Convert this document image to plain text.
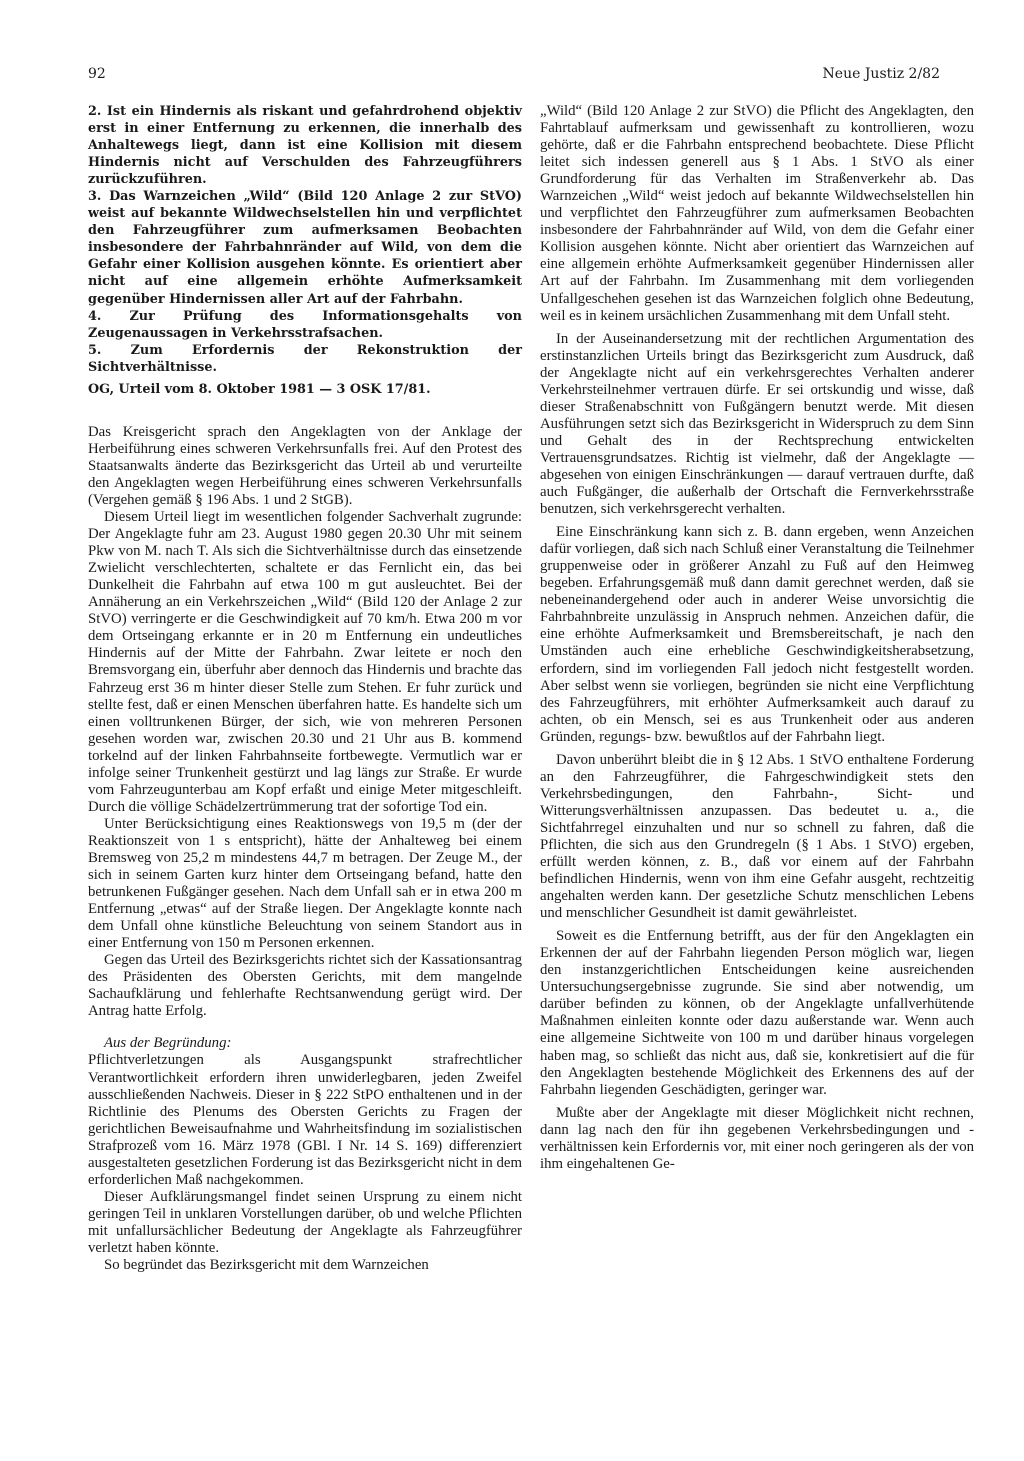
92	Neue Justiz 2/82

2. Ist ein Hindernis als riskant und gefahrdrohend objektiv erst in einer Entfernung zu erkennen, die innerhalb des Anhaltewegs liegt, dann ist eine Kollision mit diesem Hindernis nicht auf Verschulden des Fahrzeugführers zurückzuführen.

3. Das Warnzeichen „Wild“ (Bild 120 Anlage 2 zur StVO) weist auf bekannte Wildwechselstellen hin und verpflichtet den Fahrzeugführer zum aufmerksamen Beobachten insbesondere der Fahrbahnränder auf Wild, von dem die Gefahr einer Kollision ausgehen könnte. Es orientiert aber nicht auf eine allgemein erhöhte Aufmerksamkeit gegenüber Hindernissen aller Art auf der Fahrbahn.

4. Zur Prüfung des Informationsgehalts von Zeugenaussagen in Verkehrsstrafsachen.

5. Zum Erfordernis der Rekonstruktion der Sichtverhältnisse.

OG, Urteil vom 8. Oktober 1981 — 3 OSK 17/81.

Das Kreisgericht sprach den Angeklagten von der Anklage der Herbeiführung eines schweren Verkehrsunfalls frei. Auf den Protest des Staatsanwalts änderte das Bezirksgericht das Urteil ab und verurteilte den Angeklagten wegen Herbeiführung eines schweren Verkehrsunfalls (Vergehen gemäß § 196 Abs. 1 und 2 StGB).

Diesem Urteil liegt im wesentlichen folgender Sachverhalt zugrunde: Der Angeklagte fuhr am 23. August 1980 gegen 20.30 Uhr mit seinem Pkw von M. nach T. Als sich die Sichtverhältnisse durch das einsetzende Zwielicht verschlechterten, schaltete er das Fernlicht ein, das bei Dunkelheit die Fahrbahn auf etwa 100 m gut ausleuchtet. Bei der Annäherung an ein Verkehrszeichen „Wild“ (Bild 120 der Anlage 2 zur StVO) verringerte er die Geschwindigkeit auf 70 km/h. Etwa 200 m vor dem Ortseingang erkannte er in 20 m Entfernung ein undeutliches Hindernis auf der Mitte der Fahrbahn. Zwar leitete er noch den Bremsvorgang ein, überfuhr aber dennoch das Hindernis und brachte das Fahrzeug erst 36 m hinter dieser Stelle zum Stehen. Er fuhr zurück und stellte fest, daß er einen Menschen überfahren hatte. Es handelte sich um einen volltrunkenen Bürger, der sich, wie von mehreren Personen gesehen worden war, zwischen 20.30 und 21 Uhr aus B. kommend torkelnd auf der linken Fahrbahnseite fortbewegte. Vermutlich war er infolge seiner Trunkenheit gestürzt und lag längs zur Straße. Er wurde vom Fahrzeugunterbau am Kopf erfaßt und einige Meter mitgeschleift. Durch die völlige Schädelzertrümmerung trat der sofortige Tod ein.

Unter Berücksichtigung eines Reaktionswegs von 19,5 m (der der Reaktionszeit von 1 s entspricht), hätte der Anhalteweg bei einem Bremsweg von 25,2 m mindestens 44,7 m betragen. Der Zeuge M., der sich in seinem Garten kurz hinter dem Ortseingang befand, hatte den betrunkenen Fußgänger gesehen. Nach dem Unfall sah er in etwa 200 m Entfernung „etwas“ auf der Straße liegen. Der Angeklagte konnte nach dem Unfall ohne künstliche Beleuchtung von seinem Standort aus in einer Entfernung von 150 m Personen erkennen.

Gegen das Urteil des Bezirksgerichts richtet sich der Kassationsantrag des Präsidenten des Obersten Gerichts, mit dem mangelnde Sachaufklärung und fehlerhafte Rechtsanwendung gerügt wird. Der Antrag hatte Erfolg.

Aus der Begründung:

Pflichtverletzungen als Ausgangspunkt strafrechtlicher Verantwortlichkeit erfordern ihren unwiderlegbaren, jeden Zweifel ausschließenden Nachweis. Dieser in § 222 StPO enthaltenen und in der Richtlinie des Plenums des Obersten Gerichts zu Fragen der gerichtlichen Beweisaufnahme und Wahrheitsfindung im sozialistischen Strafprozeß vom 16. März 1978 (GBl. I Nr. 14 S. 169) differenziert ausgestalteten gesetzlichen Forderung ist das Bezirksgericht nicht in dem erforderlichen Maß nachgekommen.

Dieser Aufklärungsmangel findet seinen Ursprung zu einem nicht geringen Teil in unklaren Vorstellungen darüber, ob und welche Pflichten mit unfallursächlicher Bedeutung der Angeklagte als Fahrzeugführer verletzt haben könnte.

So begründet das Bezirksgericht mit dem Warnzeichen

„Wild“ (Bild 120 Anlage 2 zur StVO) die Pflicht des Angeklagten, den Fahrtablauf aufmerksam und gewissenhaft zu kontrollieren, wozu gehörte, daß er die Fahrbahn entsprechend beobachtete. Diese Pflicht leitet sich indessen generell aus § 1 Abs. 1 StVO als einer Grundforderung für das Verhalten im Straßenverkehr ab. Das Warnzeichen „Wild“ weist jedoch auf bekannte Wildwechselstellen hin und verpflichtet den Fahrzeugführer zum aufmerksamen Beobachten insbesondere der Fahrbahnränder auf Wild, von dem die Gefahr einer Kollision ausgehen könnte. Nicht aber orientiert das Warnzeichen auf eine allgemein erhöhte Aufmerksamkeit gegenüber Hindernissen aller Art auf der Fahrbahn. Im Zusammenhang mit dem vorliegenden Unfallgeschehen gesehen ist das Warnzeichen folglich ohne Bedeutung, weil es in keinem ursächlichen Zusammenhang mit dem Unfall steht.

In der Auseinandersetzung mit der rechtlichen Argumentation des erstinstanzlichen Urteils bringt das Bezirksgericht zum Ausdruck, daß der Angeklagte nicht auf ein verkehrsgerechtes Verhalten anderer Verkehrsteilnehmer vertrauen dürfe. Er sei ortskundig und wisse, daß dieser Straßenabschnitt von Fußgängern benutzt werde. Mit diesen Ausführungen setzt sich das Bezirksgericht in Widerspruch zu dem Sinn und Gehalt des in der Rechtsprechung entwickelten Vertrauensgrundsatzes. Richtig ist vielmehr, daß der Angeklagte — abgesehen von einigen Einschränkungen — darauf vertrauen durfte, daß auch Fußgänger, die außerhalb der Ortschaft die Fernverkehrsstraße benutzen, sich verkehrsgerecht verhalten.

Eine Einschränkung kann sich z. B. dann ergeben, wenn Anzeichen dafür vorliegen, daß sich nach Schluß einer Veranstaltung die Teilnehmer gruppenweise oder in größerer Anzahl zu Fuß auf den Heimweg begeben. Erfahrungsgemäß muß dann damit gerechnet werden, daß sie nebeneinandergehend oder auch in anderer Weise unvorsichtig die Fahrbahnbreite unzulässig in Anspruch nehmen. Anzeichen dafür, die eine erhöhte Aufmerksamkeit und Bremsbereitschaft, je nach den Umständen auch eine erhebliche Geschwindigkeitsherabsetzung, erfordern, sind im vorliegenden Fall jedoch nicht festgestellt worden. Aber selbst wenn sie vorliegen, begründen sie nicht eine Verpflichtung des Fahrzeugführers, mit erhöhter Aufmerksamkeit auch darauf zu achten, ob ein Mensch, sei es aus Trunkenheit oder aus anderen Gründen, regungs- bzw. bewußtlos auf der Fahrbahn liegt.

Davon unberührt bleibt die in § 12 Abs. 1 StVO enthaltene Forderung an den Fahrzeugführer, die Fahrgeschwindigkeit stets den Verkehrsbedingungen, den Fahrbahn-, Sicht- und Witterungsverhältnissen anzupassen. Das bedeutet u. a., die Sichtfahrregel einzuhalten und nur so schnell zu fahren, daß die Pflichten, die sich aus den Grundregeln (§ 1 Abs. 1 StVO) ergeben, erfüllt werden können, z. B., daß vor einem auf der Fahrbahn befindlichen Hindernis, wenn von ihm eine Gefahr ausgeht, rechtzeitig angehalten werden kann. Der gesetzliche Schutz menschlichen Lebens und menschlicher Gesundheit ist damit gewährleistet.

Soweit es die Entfernung betrifft, aus der für den Angeklagten ein Erkennen der auf der Fahrbahn liegenden Person möglich war, liegen den instanzgerichtlichen Entscheidungen keine ausreichenden Untersuchungsergebnisse zugrunde. Sie sind aber notwendig, um darüber befinden zu können, ob der Angeklagte unfallverhütende Maßnahmen einleiten konnte oder dazu außerstande war. Wenn auch eine allgemeine Sichtweite von 100 m und darüber hinaus vorgelegen haben mag, so schließt das nicht aus, daß sie, konkretisiert auf die für den Angeklagten bestehende Möglichkeit des Erkennens des auf der Fahrbahn liegenden Geschädigten, geringer war.

Mußte aber der Angeklagte mit dieser Möglichkeit nicht rechnen, dann lag nach den für ihn gegebenen Verkehrsbedingungen und -verhältnissen kein Erfordernis vor, mit einer noch geringeren als der von ihm eingehaltenen Ge-
